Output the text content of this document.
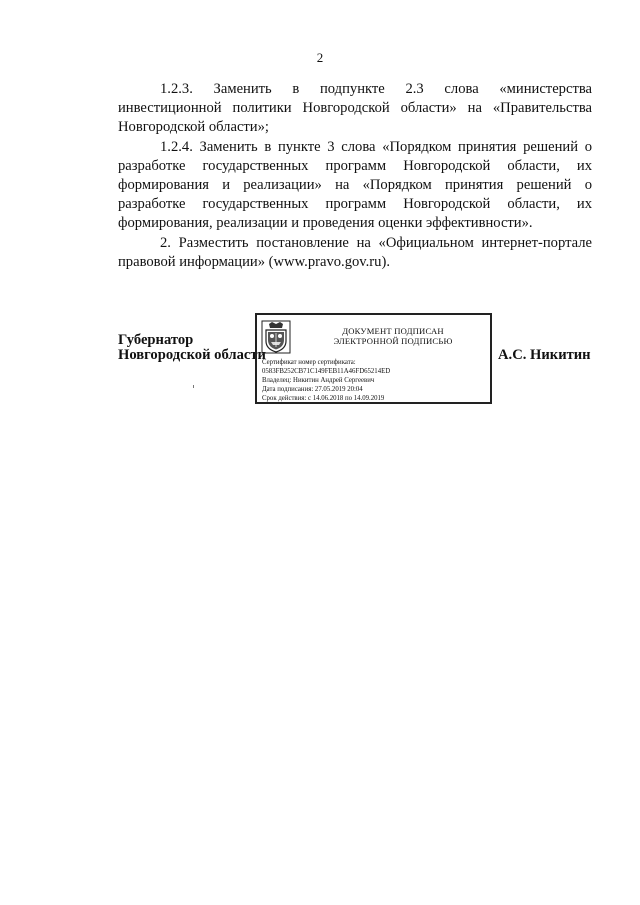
2

1.2.3. Заменить в подпункте 2.3 слова «министерства инвестиционной политики Новгородской области» на «Правительства Новгородской области»;

1.2.4. Заменить в пункте 3 слова «Порядком принятия решений о разработке государственных программ Новгородской области, их формирования и реализации» на «Порядком принятия решений о разработке государственных программ Новгородской области, их формирования, реализации и проведения оценки эффективности».

2. Разместить постановление на «Официальном интернет-портале правовой информации» (www.pravo.gov.ru).

Губернатор
Новгородской области
ДОКУМЕНТ ПОДПИСАН
ЭЛЕКТРОННОЙ ПОДПИСЬЮ
Сертификат номер сертификата:
0583FB252CB71C149FEB11A46FD65214ED
Владелец: Никитин Андрей Сергеевич
Дата подписания: 27.05.2019 20:04
Срок действия: с 14.06.2018 по 14.09.2019
А.С. Никитин
